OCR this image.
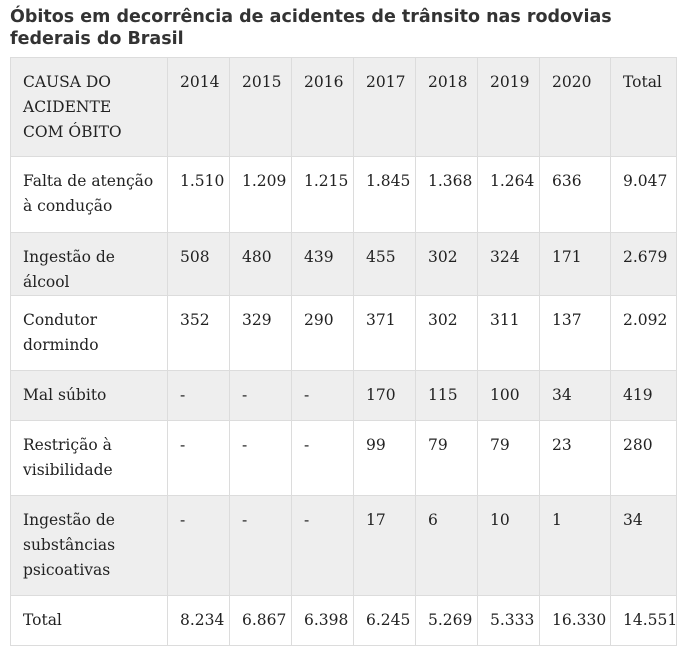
Óbitos em decorrência de acidentes de trânsito nas rodovias federais do Brasil
CAUSA DO ACIDENTE COM ÓBITO	2014	2015	2016	2017	2018	2019	2020	Total
Falta de atenção à condução	1.510	1.209	1.215	1.845	1.368	1.264	636	9.047
Ingestão de álcool	508	480	439	455	302	324	171	2.679
Condutor dormindo	352	329	290	371	302	311	137	2.092
Mal súbito	-	-	-	170	115	100	34	419
Restrição à visibilidade	-	-	-	99	79	79	23	280
Ingestão de substâncias psicoativas	-	-	-	17	6	10	1	34
Total	8.234	6.867	6.398	6.245	5.269	5.333	16.330	14.551
